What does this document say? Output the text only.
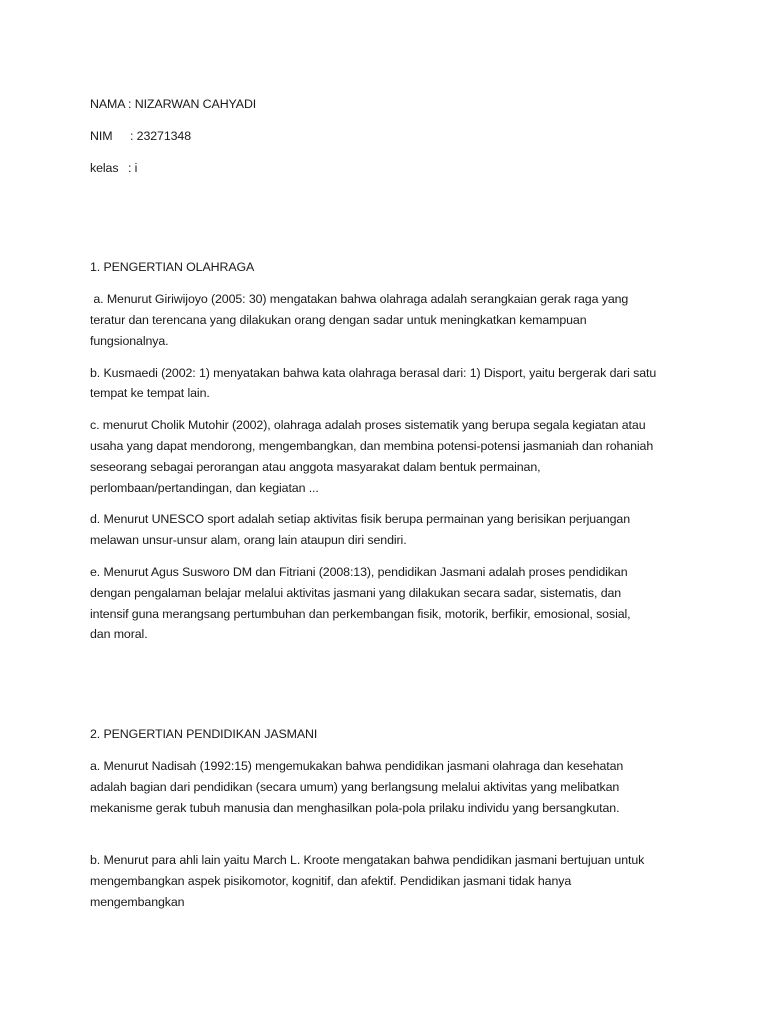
NAMA : NIZARWAN CAHYADI

NIM	: 23271348
kelas : i

1. PENGERTIAN OLAHRAGA

a. Menurut Giriwijoyo (2005: 30) mengatakan bahwa olahraga adalah serangkaian gerak raga yang

teratur dan terencana yang dilakukan orang dengan sadar untuk meningkatkan kemampuan

fungsionalnya.

b. Kusmaedi (2002: 1) menyatakan bahwa kata olahraga berasal dari: 1) Disport, yaitu bergerak dari satu

tempat ke tempat lain.

c. menurut Cholik Mutohir (2002), olahraga adalah proses sistematik yang berupa segala kegiatan atau

usaha yang dapat mendorong, mengembangkan, dan membina potensi-potensi jasmaniah dan rohaniah

seseorang sebagai perorangan atau anggota masyarakat dalam bentuk permainan,

perlombaan/pertandingan, dan kegiatan ...

d. Menurut UNESCO sport adalah setiap aktivitas fisik berupa permainan yang berisikan perjuangan

melawan unsur-unsur alam, orang lain ataupun diri sendiri.

e. Menurut Agus Susworo DM dan Fitriani (2008:13), pendidikan Jasmani adalah proses pendidikan

dengan pengalaman belajar melalui aktivitas jasmani yang dilakukan secara sadar, sistematis, dan

intensif guna merangsang pertumbuhan dan perkembangan fisik, motorik, berfikir, emosional, sosial,

dan moral.

2. PENGERTIAN PENDIDIKAN JASMANI

a. Menurut Nadisah (1992:15) mengemukakan bahwa pendidikan jasmani olahraga dan kesehatan

adalah bagian dari pendidikan (secara umum) yang berlangsung melalui aktivitas yang melibatkan

mekanisme gerak tubuh manusia dan menghasilkan pola-pola prilaku individu yang bersangkutan.

b. Menurut para ahli lain yaitu March L. Kroote mengatakan bahwa pendidikan jasmani bertujuan untuk

mengembangkan aspek pisikomotor, kognitif, dan afektif. Pendidikan jasmani tidak hanya

mengembangkan
